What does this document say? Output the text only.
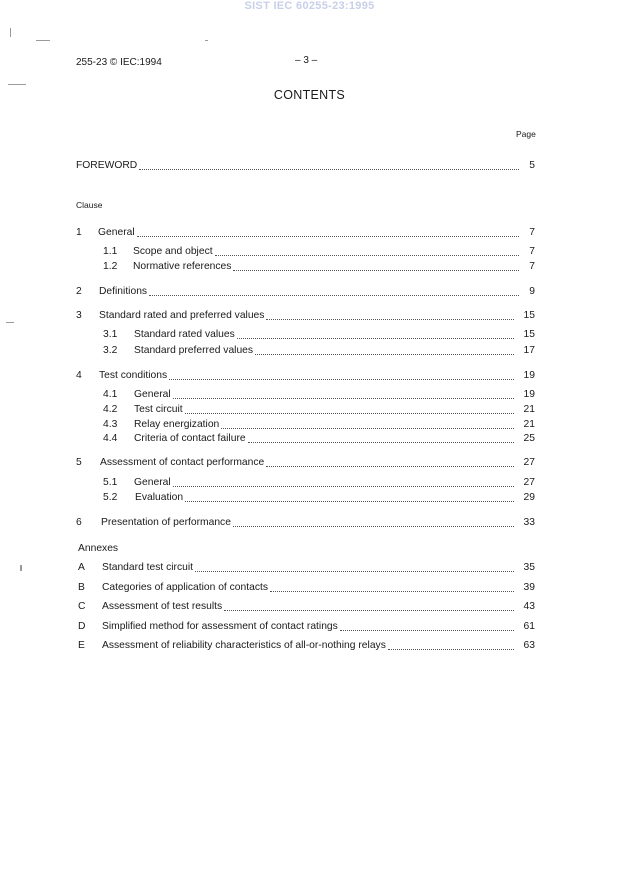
SIST IEC 60255-23:1995
255-23 © IEC:1994	– 3 –
CONTENTS
Page
FOREWORD	5
Clause
1 General	7
1.1 Scope and object	7
1.2 Normative references	7
2 Definitions	9
3 Standard rated and preferred values	15
3.1 Standard rated values	15
3.2 Standard preferred values	17
4 Test conditions	19
4.1 General	19
4.2 Test circuit	21
4.3 Relay energization	21
4.4 Criteria of contact failure	25
5 Assessment of contact performance	27
5.1 General	27
5.2 Evaluation	29
6 Presentation of performance	33
Annexes
A Standard test circuit	35
B Categories of application of contacts	39
C Assessment of test results	43
D Simplified method for assessment of contact ratings	61
E Assessment of reliability characteristics of all-or-nothing relays	63
